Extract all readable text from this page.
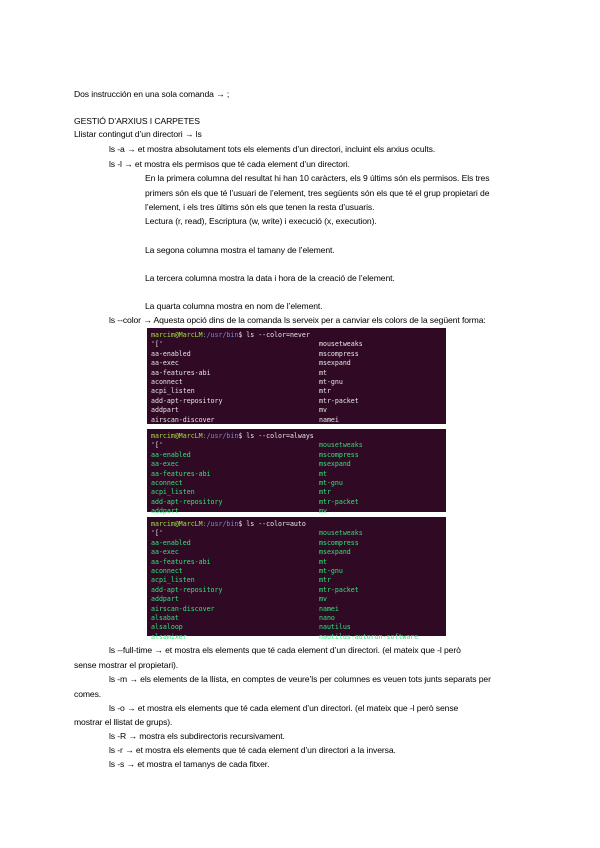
Dos instrucción en una sola comanda → ;
GESTIÓ D’ARXIUS I CARPETES
Llistar contingut d’un directori → ls
ls -a → et mostra absolutament tots els elements d’un directori, incluint els arxius ocults.
ls -l → et mostra els permisos que té cada element d’un directori.
En la primera columna del resultat hi han 10 caràcters, els 9 últims són els permisos. Els tres
primers són els que té l’usuari de l’element, tres següents són els que té el grup propietari de
l’element, i els tres últims són els que tenen la resta d’usuaris.
Lectura (r, read), Escriptura (w, write) i execució (x, execution).
La segona columna mostra el tamany de l’element.
La tercera columna mostra la data i hora de la creació de l’element.
La quarta columna mostra en nom de l’element.
ls --color → Aquesta opció dins de la comanda ls serveix per a canviar els colors de la següent forma:
marcim@MarcLM:/usr/bin$ ls --color=never
'['	mousetweaks
aa-enabled	mscompress
aa-exec	msexpand
aa-features-abi	mt
aconnect	mt-gnu
acpi_listen	mtr
add-apt-repository	mtr-packet
addpart	mv
airscan-discover	namei
marcim@MarcLM:/usr/bin$ ls --color=always
'['	mousetweaks
aa-enabled	mscompress
aa-exec	msexpand
aa-features-abi	mt
aconnect	mt-gnu
acpi_listen	mtr
add-apt-repository	mtr-packet
addpart	mv
marcim@MarcLM:/usr/bin$ ls --color=auto
'['	mousetweaks
aa-enabled	mscompress
aa-exec	msexpand
aa-features-abi	mt
aconnect	mt-gnu
acpi_listen	mtr
add-apt-repository	mtr-packet
addpart	mv
airscan-discover	namei
alsabat	nano
alsaloop	nautilus
alsamixer	nautilus-autorun-software
ls --full-time → et mostra els elements que té cada element d’un directori. (el mateix que -l però
sense mostrar el propietari).
ls -m → els elements de la llista, en comptes de veure’ls per columnes es veuen tots junts separats per
comes.
ls -o → et mostra els elements que té cada element d’un directori. (el mateix que -l però sense
mostrar el llistat de grups).
ls -R → mostra els subdirectoris recursivament.
ls -r → et mostra els elements que té cada element d’un directori a la inversa.
ls -s → et mostra el tamanys de cada fitxer.
